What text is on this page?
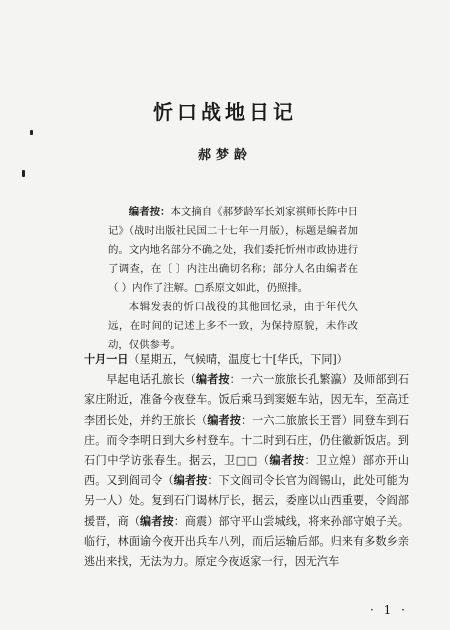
忻口战地日记
郝梦龄

编者按：本文摘自《郝梦龄军长刘家祺师长阵中日记》（战时出版社民国二十七年一月版），标题是编者加的。文内地名部分不确之处，我们委托忻州市政协进行了调查，在〔 〕内注出确切名称；部分人名由编者在（ ）内作了注解。□系原文如此，仍照排。

本辑发表的忻口战役的其他回忆录，由于年代久远，在时间的记述上多不一致，为保持原貌，未作改动，仅供参考。

十月一日（星期五，气候晴，温度七十[华氏，下同]）

早起电话孔旅长（编者按：一六一旅旅长孔繁瀛）及师部到石家庄附近，准备今夜登车。饭后乘马到窦姬车站，因无车，至高迁李团长处，并约王旅长（编者按：一六二旅旅长王晋）同登车到石庄。而令李明日到大乡村登车。十二时到石庄，仍住徽新饭店。到石门中学访张春生。据云，卫□□（编者按：卫立煌）部亦开山西。又到阎司令（编者按：下文阎司令长官为阎锡山，此处可能为另一人）处。复到石门谒林厅长，据云，委座以山西重要，令阎部援晋，商（编者按：商震）部守平山尝城线，将来孙部守娘子关。临行，林面谕今夜开出兵车八列，而后运输后部。归来有多数乡亲逃出来找，无法为力。原定今夜返家一行，因无汽车

· 1 ·
